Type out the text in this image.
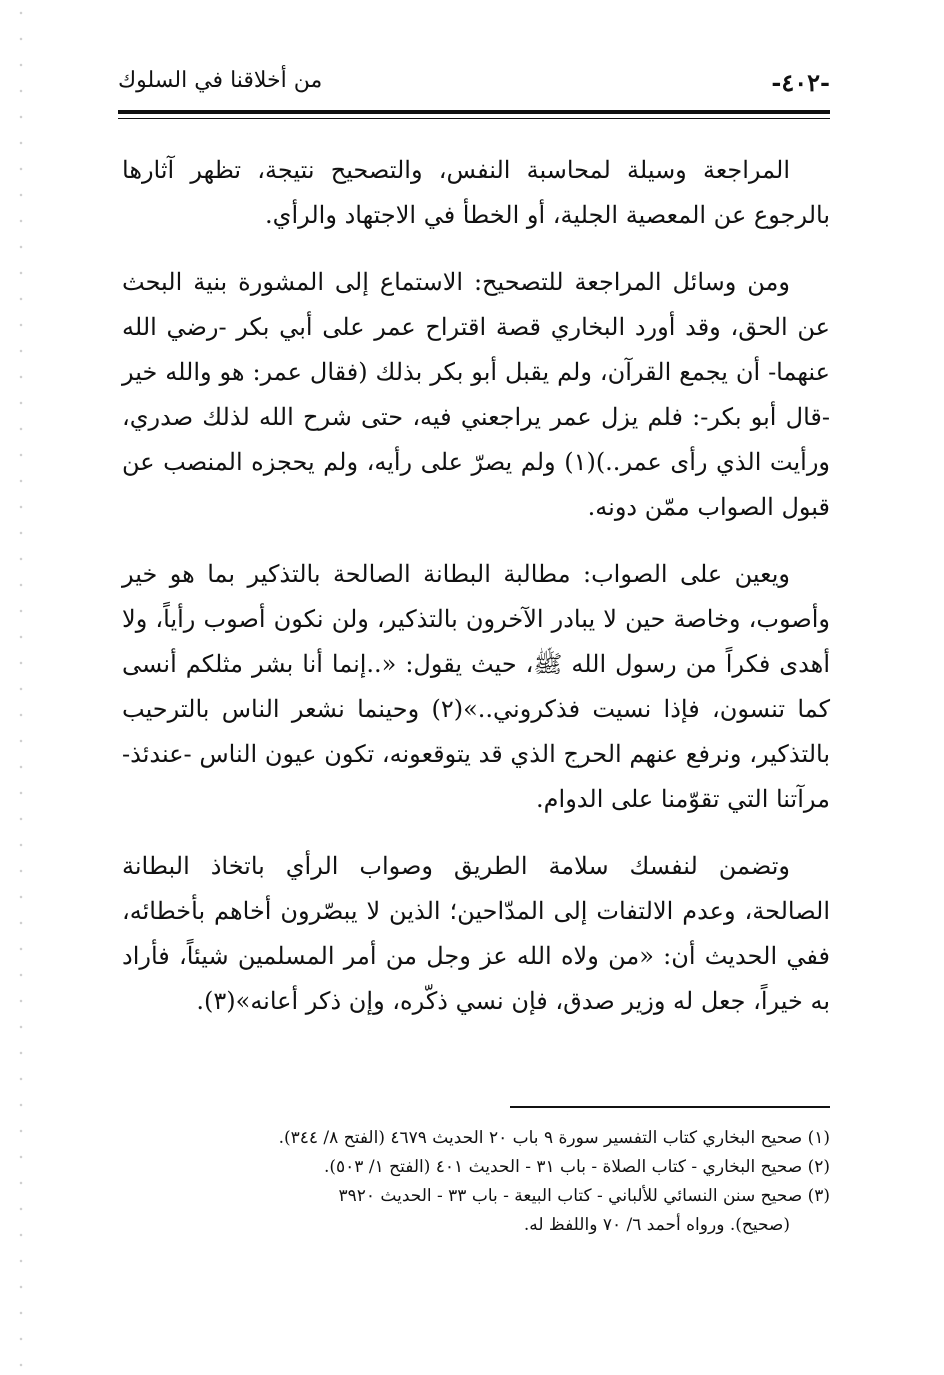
-٤٠٢-
من أخلاقنا في السلوك

المراجعة وسيلة لمحاسبة النفس، والتصحيح نتيجة، تظهر آثارها بالرجوع عن المعصية الجلية، أو الخطأ في الاجتهاد والرأي.

ومن وسائل المراجعة للتصحيح: الاستماع إلى المشورة بنية البحث عن الحق، وقد أورد البخاري قصة اقتراح عمر على أبي بكر -رضي الله عنهما- أن يجمع القرآن، ولم يقبل أبو بكر بذلك (فقال عمر: هو والله خير -قال أبو بكر-: فلم يزل عمر يراجعني فيه، حتى شرح الله لذلك صدري، ورأيت الذي رأى عمر..)(١) ولم يصرّ على رأيه، ولم يحجزه المنصب عن قبول الصواب ممّن دونه.

ويعين على الصواب: مطالبة البطانة الصالحة بالتذكير بما هو خير وأصوب، وخاصة حين لا يبادر الآخرون بالتذكير، ولن نكون أصوب رأياً، ولا أهدى فكراً من رسول الله ﷺ، حيث يقول: «..إنما أنا بشر مثلكم أنسى كما تنسون، فإذا نسيت فذكروني..»(٢) وحينما نشعر الناس بالترحيب بالتذكير، ونرفع عنهم الحرج الذي قد يتوقعونه، تكون عيون الناس -عندئذ- مرآتنا التي تقوّمنا على الدوام.

وتضمن لنفسك سلامة الطريق وصواب الرأي باتخاذ البطانة الصالحة، وعدم الالتفات إلى المدّاحين؛ الذين لا يبصّرون أخاهم بأخطائه، ففي الحديث أن: «من ولاه الله عز وجل من أمر المسلمين شيئاً، فأراد به خيراً، جعل له وزير صدق، فإن نسي ذكّره، وإن ذكر أعانه»(٣).

(١) صحيح البخاري كتاب التفسير سورة ٩ باب ٢٠ الحديث ٤٦٧٩ (الفتح ٨/ ٣٤٤).

(٢) صحيح البخاري - كتاب الصلاة - باب ٣١ - الحديث ٤٠١ (الفتح ١/ ٥٠٣).

(٣) صحيح سنن النسائي للألباني - كتاب البيعة - باب ٣٣ - الحديث ٣٩٢٠

(صحيح). ورواه أحمد ٦/ ٧٠ واللفظ له.
